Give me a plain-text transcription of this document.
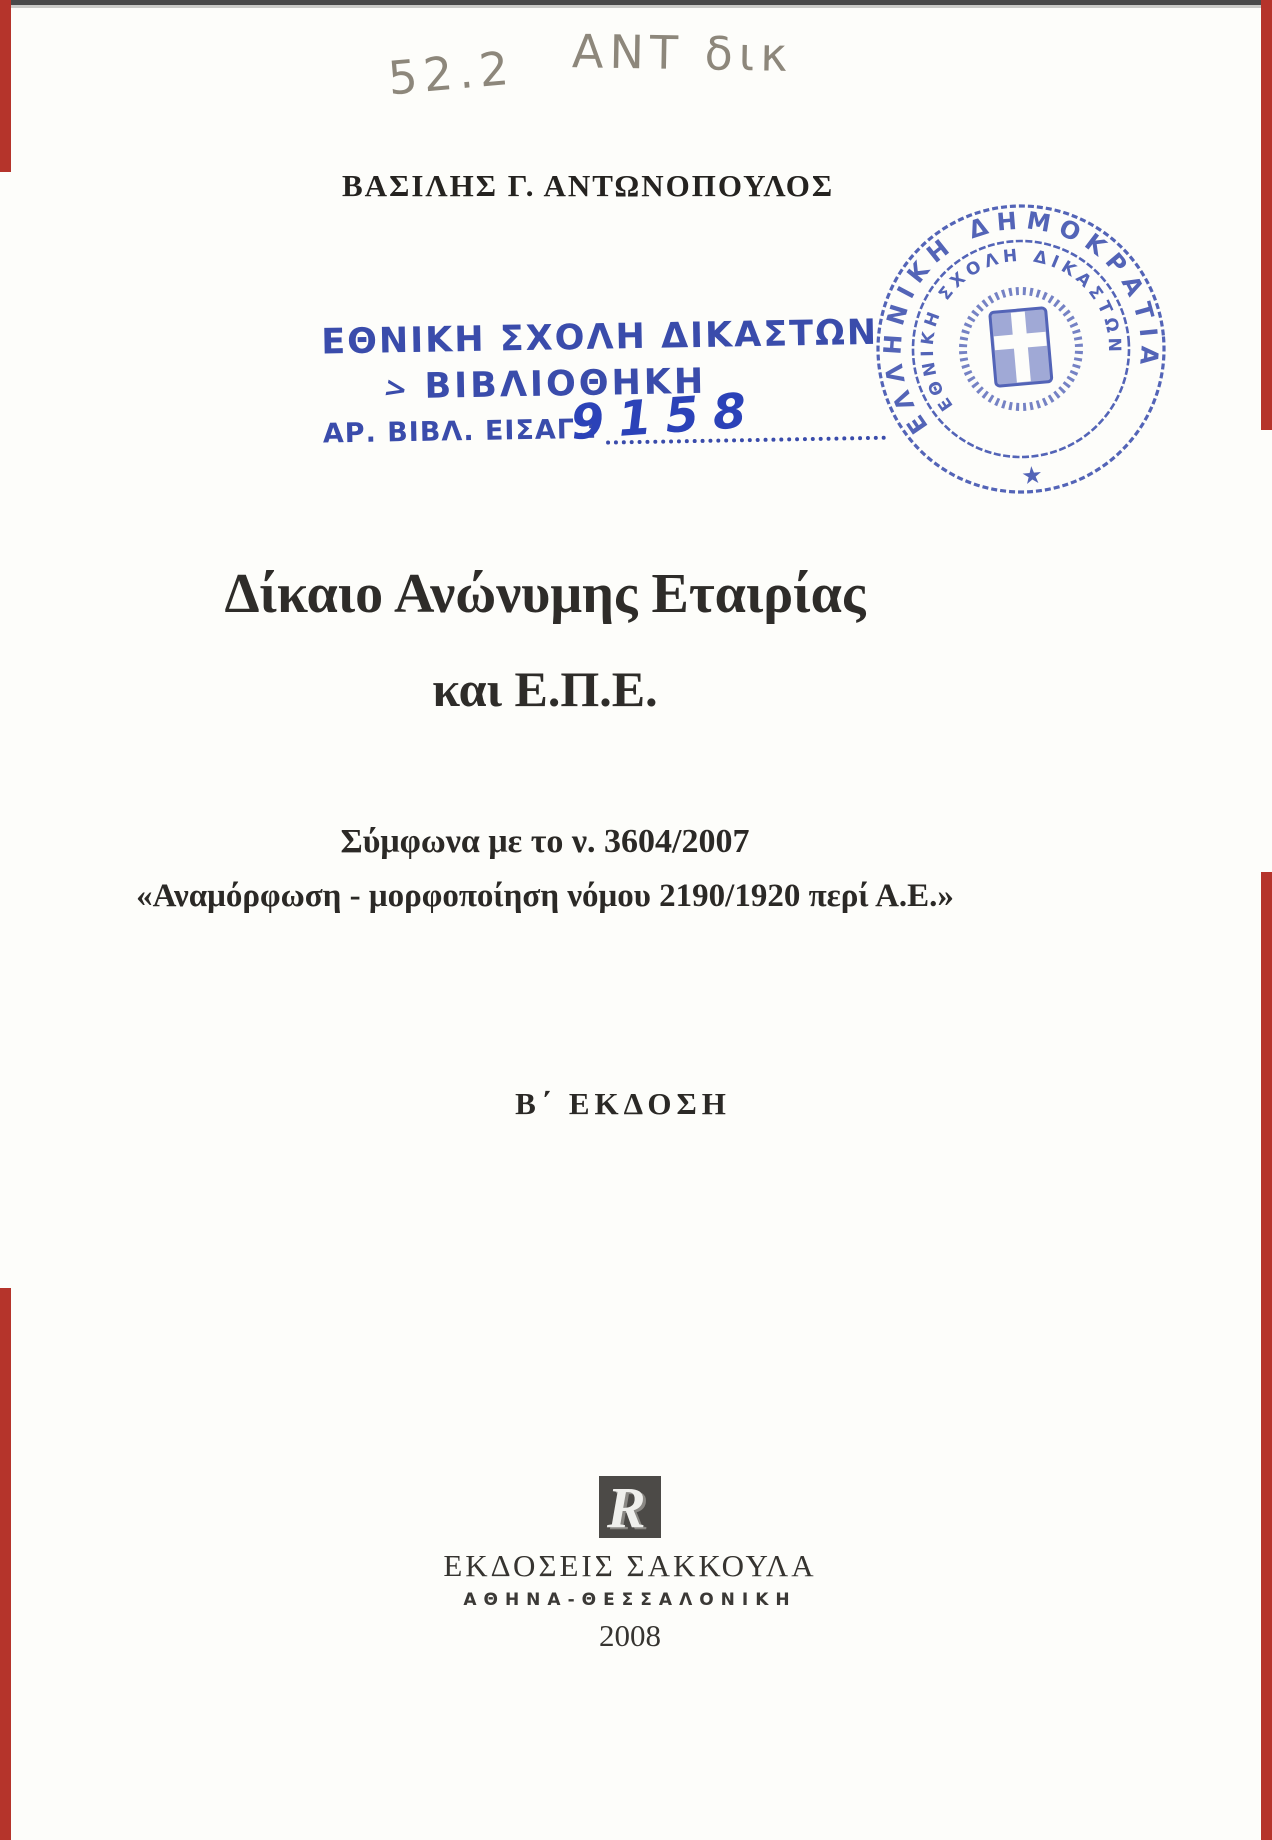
52.2 ANT δικ
ΒΑΣΙΛΗΣ Γ. ΑΝΤΩΝΟΠΟΥΛΟΣ
ΕΘΝΙΚΗ ΣΧΟΛΗ ΔΙΚΑΣΤΩΝ
> ΒΙΒΛΙΟΘΗΚΗ
ΑΡ. ΒΙΒΛ. ΕΙΣΑΓ.:
9158	ΕΛΛΗΝΙΚΗ ΔΗΜΟΚΡΑΤΙΑ
ΕΘΝΙΚΗ ΣΧΟΛΗ ΔΙΚΑΣΤΩΝ
★
Δίκαιο Ανώνυμης Εταιρίας
και Ε.Π.Ε.
Σύμφωνα με το ν. 3604/2007
«Αναμόρφωση - μορφοποίηση νόμου 2190/1920 περί Α.Ε.»
Β΄ ΕΚΔΟΣΗ
R
ΕΚΔΟΣΕΙΣ ΣΑΚΚΟΥΛΑ
ΑΘΗΝΑ-ΘΕΣΣΑΛΟΝΙΚΗ
2008
